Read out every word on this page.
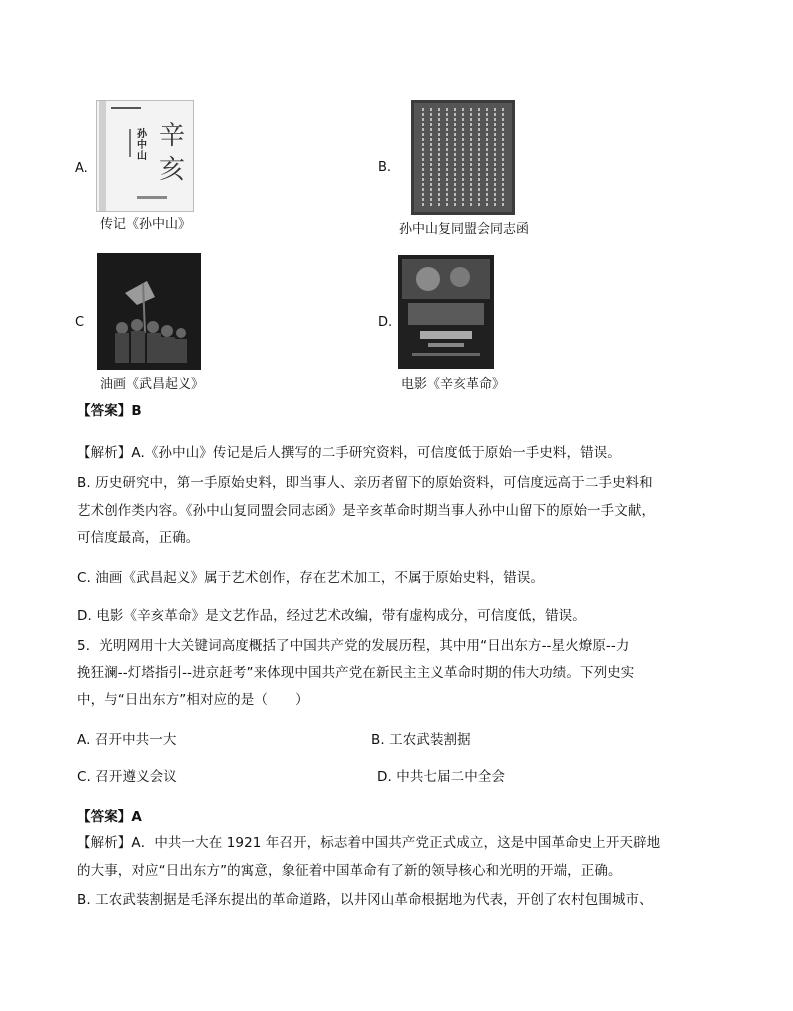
A.
孙中山
辛亥
传记《孙中山》
B.
孙中山复同盟会同志函
C
油画《武昌起义》
D.
电影《辛亥革命》
【答案】B
【解析】A.《孙中山》传记是后人撰写的二手研究资料，可信度低于原始一手史料，错误。
B. 历史研究中，第一手原始史料，即当事人、亲历者留下的原始资料，可信度远高于二手史料和
艺术创作类内容。《孙中山复同盟会同志函》是辛亥革命时期当事人孙中山留下的原始一手文献，
可信度最高，正确。
C. 油画《武昌起义》属于艺术创作，存在艺术加工，不属于原始史料，错误。
D. 电影《辛亥革命》是文艺作品，经过艺术改编，带有虚构成分，可信度低，错误。
5．光明网用十大关键词高度概括了中国共产党的发展历程，其中用“日出东方--星火燎原--力
挽狂澜--灯塔指引--进京赶考”来体现中国共产党在新民主主义革命时期的伟大功绩。下列史实
中，与“日出东方”相对应的是（　　）
A. 召开中共一大	B. 工农武装割据
C. 召开遵义会议	D. 中共七届二中全会
【答案】A
【解析】A．中共一大在 1921 年召开，标志着中国共产党正式成立，这是中国革命史上开天辟地
的大事，对应“日出东方”的寓意，象征着中国革命有了新的领导核心和光明的开端，正确。
B. 工农武装割据是毛泽东提出的革命道路，以井冈山革命根据地为代表，开创了农村包围城市、
